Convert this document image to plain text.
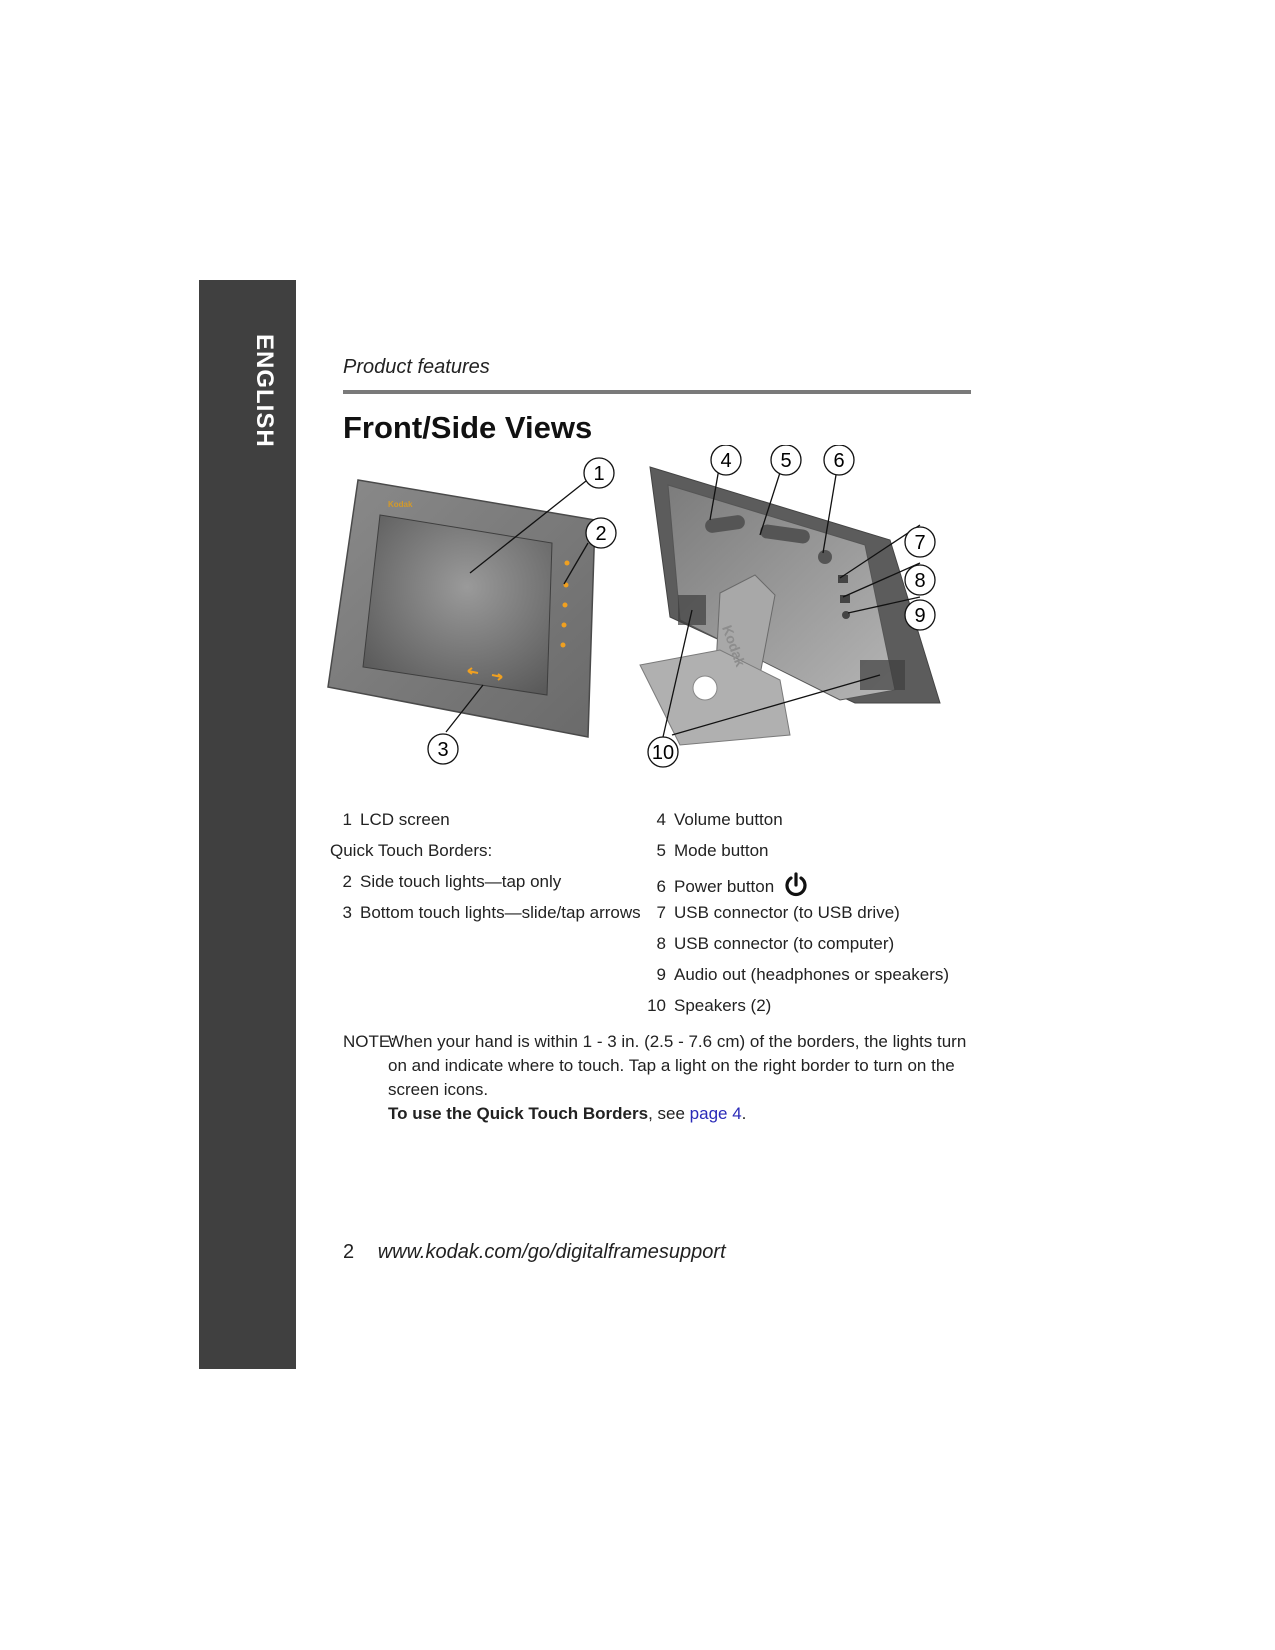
ENGLISH	Product features
Front/Side Views
Kodak
Kodak
1
2
3
4 5 6
7
8
9
10
1 LCD screen
Quick Touch Borders:
2 Side touch lights—tap only
3 Bottom touch lights—slide/tap arrows
4 Volume button
5 Mode button
6 Power button
7 USB connector (to USB drive)
8 USB connector (to computer)
9 Audio out (headphones or speakers)
10 Speakers (2)
NOTE:
When your hand is within 1 - 3 in. (2.5 - 7.6 cm) of the borders, the lights turn on and indicate where to touch. Tap a light on the right border to turn on the screen icons.
To use the Quick Touch Borders, see page 4.
2 www.kodak.com/go/digitalframesupport
